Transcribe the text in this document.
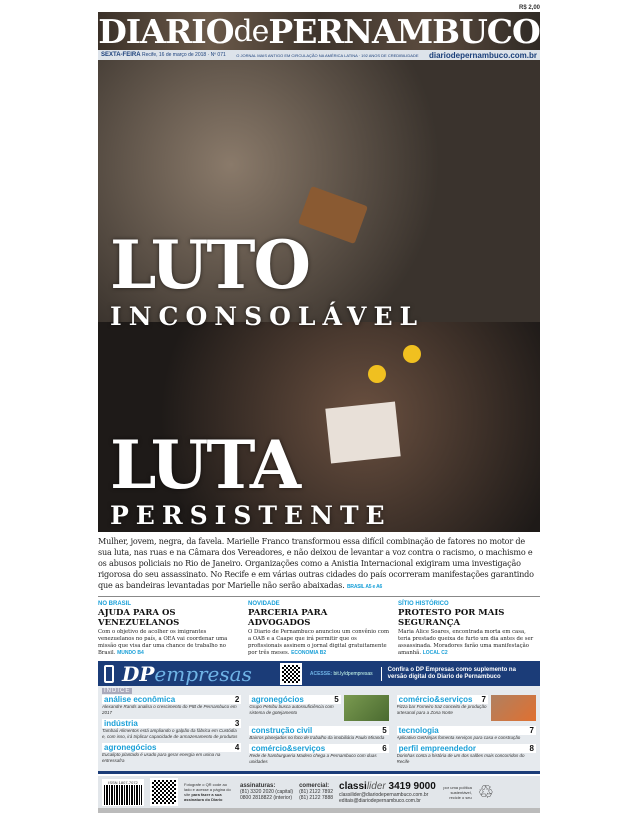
R$ 2,00
DIARIO de PERNAMBUCO
SEXTA-FEIRA Recife, 16 de março de 2018 · Nº 071	O JORNAL MAIS ANTIGO EM CIRCULAÇÃO NA AMÉRICA LATINA · 192 ANOS DE CREDIBILIDADE diariodepernambuco.com.br
LUTO
INCONSOLÁVEL
LUTA
PERSISTENTE

Mulher, jovem, negra, da favela. Marielle Franco transformou essa difícil combinação de fatores no motor de sua luta, nas ruas e na Câmara dos Vereadores, e não deixou de levantar a voz contra o racismo, o machismo e os abusos policiais no Rio de Janeiro. Organizações como a Anistia Internacional exigiram uma investigação rigorosa do seu assassinato. No Recife e em várias outras cidades do país ocorreram manifestações garantindo que as bandeiras levantadas por Marielle não serão abaixadas. BRASIL A5 e A6

NO BRASIL
AJUDA PARA OS VENEZUELANOS

Com o objetivo de acolher os imigrantes venezuelanos no país, a OEA vai coordenar uma missão que visa dar uma chance de trabalho no Brasil. MUNDO B4

NOVIDADE
PARCERIA PARA ADVOGADOS

O Diario de Pernambuco anunciou um convênio com a OAB e a Caape que irá permitir que os profissionais assinem o jornal digital gratuitamente por três meses. ECONOMIA B2

SÍTIO HISTÓRICO
PROTESTO POR MAIS SEGURANÇA

Maria Alice Soares, encontrada morta em casa, teria prestado queixa de furto um dia antes de ser assassinada. Moradores farão uma manifestação amanhã. LOCAL C2

DPempresas	ACESSE: bit.ly/dpempresas
Confira o DP Empresas como suplemento na versão digital do Diario de Pernambuco
ÍNDICE
análise econômica	2
Alexandre Rands analisa o crescimento do PIB de Pernambuco em 2017
indústria	3
Tambaú Alimentos está ampliando o galpão da fábrica em Custódia e, com isso, irá triplicar capacidade de armazenamento de produtos
agronegócios	4
Eucalipto plantado é usado para gerar energia em usina na entressafra
agronegócios	5
Grupo Petribu busca autossuficiência com sistema de gotejamento
construção civil	5
Bairros planejados no foco de trabalho da imobiliária Paulo Miranda
comércio&serviços	6
Rede de hamburgueria Madero chega a Pernambuco com duas unidades
comércio&serviços 7
Pizza bar Forneiro traz conceito de produção artesanal para a Zona Norte
tecnologia	7
Aplicativo GetNinjas fomenta serviços para casa e construção
perfil empreendedor	8
Dorinhas conta a história de um dos salões mais concorridos do Recife
ISSN 1807-7072	Fotografe o QR code ao lado e acesse a página do site para fazer a sua assinatura do Diario
assinaturas:
(81) 3320 2020 (capital)
0800 2818822 (interior)
comercial:
(81) 2122 7892
(81) 2122 7888
classilider 3419 9000
classilider@diariodepernambuco.com.br
editais@diariodepernambuco.com.br
por uma política sustentável, recicle o seu ♲
